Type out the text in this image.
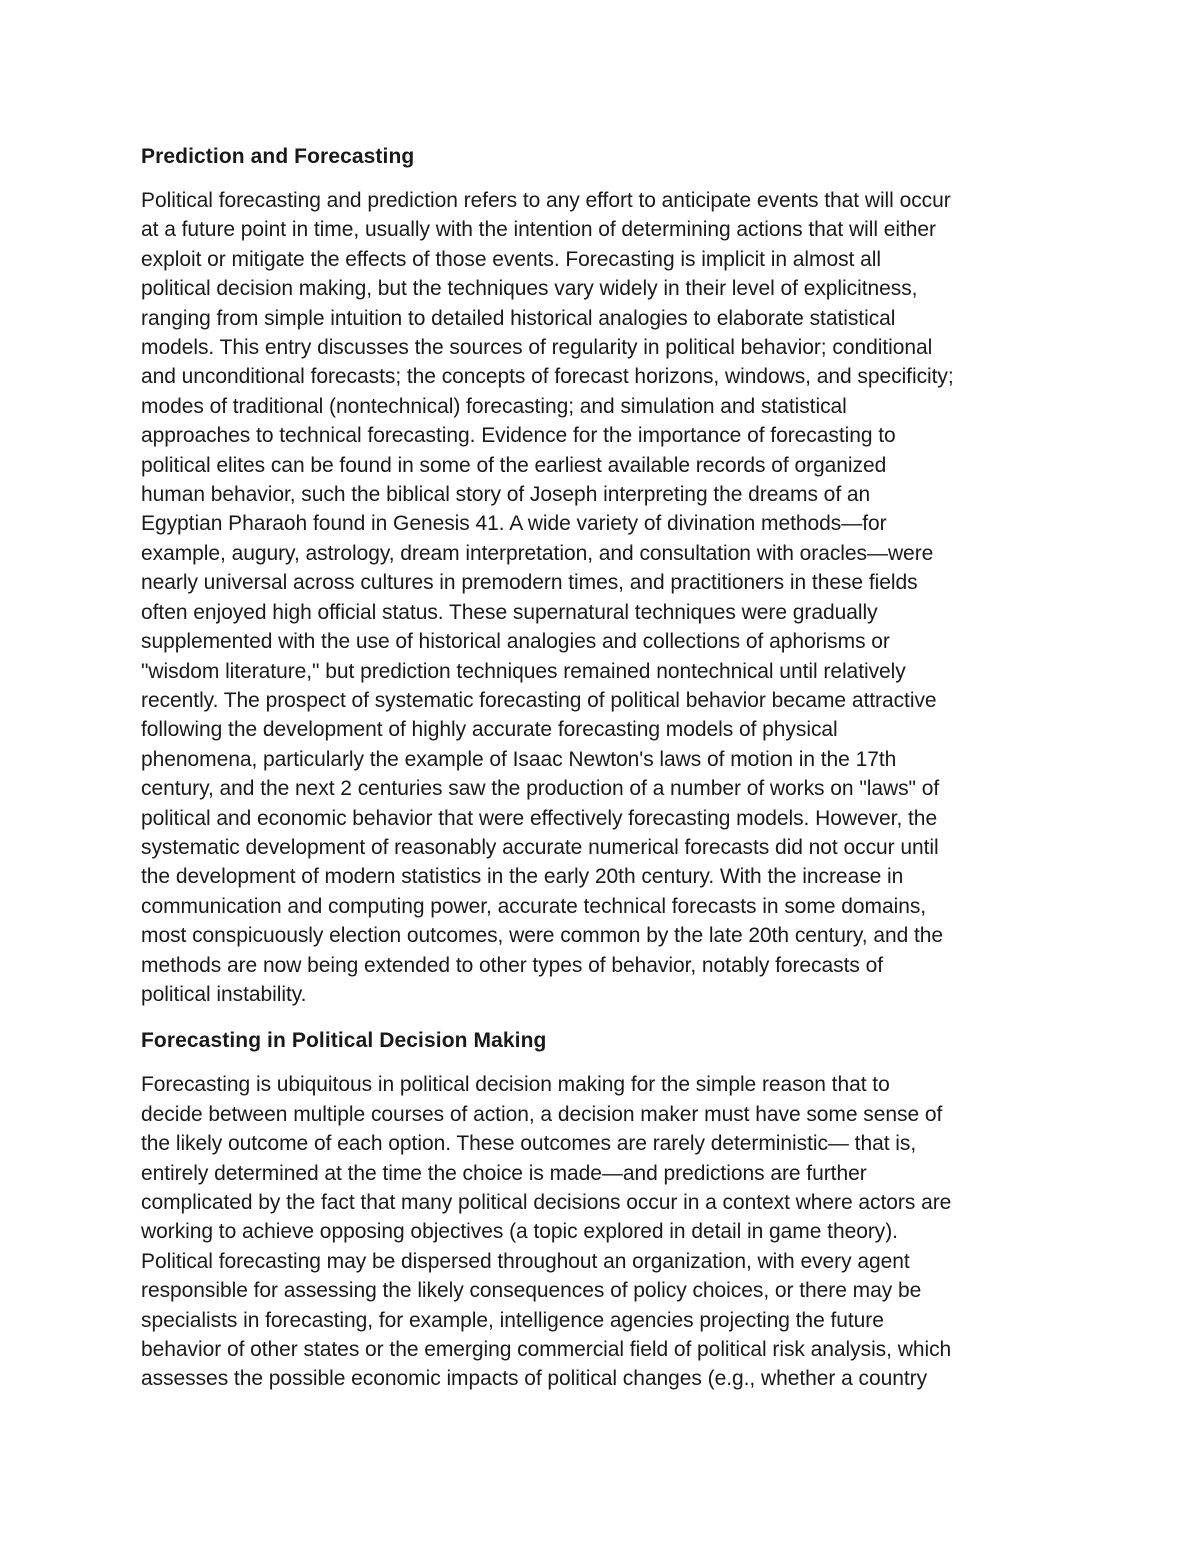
Prediction and Forecasting

Political forecasting and prediction refers to any effort to anticipate events that will occur
at a future point in time, usually with the intention of determining actions that will either
exploit or mitigate the effects of those events. Forecasting is implicit in almost all
political decision making, but the techniques vary widely in their level of explicitness,
ranging from simple intuition to detailed historical analogies to elaborate statistical
models. This entry discusses the sources of regularity in political behavior; conditional
and unconditional forecasts; the concepts of forecast horizons, windows, and specificity;
modes of traditional (nontechnical) forecasting; and simulation and statistical
approaches to technical forecasting. Evidence for the importance of forecasting to
political elites can be found in some of the earliest available records of organized
human behavior, such the biblical story of Joseph interpreting the dreams of an
Egyptian Pharaoh found in Genesis 41. A wide variety of divination methods—for
example, augury, astrology, dream interpretation, and consultation with oracles—were
nearly universal across cultures in premodern times, and practitioners in these fields
often enjoyed high official status. These supernatural techniques were gradually
supplemented with the use of historical analogies and collections of aphorisms or
"wisdom literature," but prediction techniques remained nontechnical until relatively
recently. The prospect of systematic forecasting of political behavior became attractive
following the development of highly accurate forecasting models of physical
phenomena, particularly the example of Isaac Newton's laws of motion in the 17th
century, and the next 2 centuries saw the production of a number of works on "laws" of
political and economic behavior that were effectively forecasting models. However, the
systematic development of reasonably accurate numerical forecasts did not occur until
the development of modern statistics in the early 20th century. With the increase in
communication and computing power, accurate technical forecasts in some domains,
most conspicuously election outcomes, were common by the late 20th century, and the
methods are now being extended to other types of behavior, notably forecasts of
political instability.

Forecasting in Political Decision Making

Forecasting is ubiquitous in political decision making for the simple reason that to
decide between multiple courses of action, a decision maker must have some sense of
the likely outcome of each option. These outcomes are rarely deterministic— that is,
entirely determined at the time the choice is made—and predictions are further
complicated by the fact that many political decisions occur in a context where actors are
working to achieve opposing objectives (a topic explored in detail in game theory).
Political forecasting may be dispersed throughout an organization, with every agent
responsible for assessing the likely consequences of policy choices, or there may be
specialists in forecasting, for example, intelligence agencies projecting the future
behavior of other states or the emerging commercial field of political risk analysis, which
assesses the possible economic impacts of political changes (e.g., whether a country
